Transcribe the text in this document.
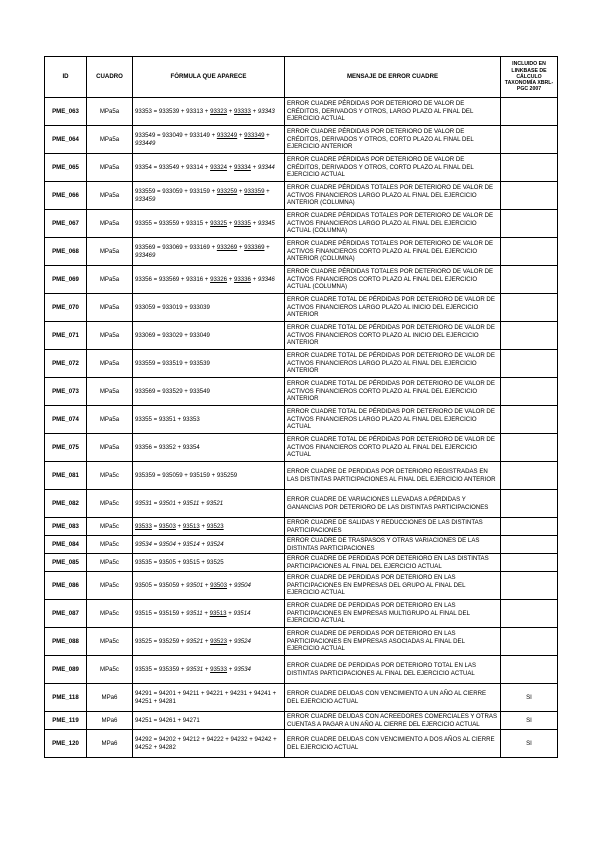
ID	CUADRO	FÓRMULA QUE APARECE	MENSAJE DE ERROR CUADRE	INCLUIDO EN LINKBASE DE CÁLCULO TAXONOMÍA XBRL-PGC 2007
PME_063	MPa5a	93353 = 933539 + 93313 + 93323 + 93333 + 93343	ERROR CUADRE PÉRDIDAS POR DETERIORO DE VALOR DE CRÉDITOS, DERIVADOS Y OTROS, LARGO PLAZO AL FINAL DEL EJERCICIO ACTUAL	
PME_064	MPa5a	933549 = 933049 + 933149 + 933249 + 933349 + 933449	ERROR CUADRE PÉRDIDAS POR DETERIORO DE VALOR DE CRÉDITOS, DERIVADOS Y OTROS, CORTO PLAZO AL FINAL DEL EJERCICIO ANTERIOR	
PME_065	MPa5a	93354 = 933549 + 93314 + 93324 + 93334 + 93344	ERROR CUADRE PÉRDIDAS POR DETERIORO DE VALOR DE CRÉDITOS, DERIVADOS Y OTROS, CORTO PLAZO AL FINAL DEL EJERCICIO ACTUAL	
PME_066	MPa5a	933559 = 933059 + 933159 + 933259 + 933359 + 933459	ERROR CUADRE PÉRDIDAS TOTALES POR DETERIORO DE VALOR DE ACTIVOS FINANCIEROS LARGO PLAZO AL FINAL DEL EJERCICIO ANTERIOR (COLUMNA)	
PME_067	MPa5a	93355 = 933559 + 93315 + 93325 + 93335 + 93345	ERROR CUADRE PÉRDIDAS TOTALES POR DETERIORO DE VALOR DE ACTIVOS FINANCIEROS LARGO PLAZO AL FINAL DEL EJERCICIO ACTUAL (COLUMNA)	
PME_068	MPa5a	933569 = 933069 + 933169 + 933269 + 933369 + 933469	ERROR CUADRE PÉRDIDAS TOTALES POR DETERIORO DE VALOR DE ACTIVOS FINANCIEROS CORTO PLAZO AL FINAL DEL EJERCICIO ANTERIOR (COLUMNA)	
PME_069	MPa5a	93356 = 933569 + 93316 + 93326 + 93336 + 93346	ERROR CUADRE PÉRDIDAS TOTALES POR DETERIORO DE VALOR DE ACTIVOS FINANCIEROS CORTO PLAZO AL FINAL DEL EJERCICIO ACTUAL (COLUMNA)	
PME_070	MPa5a	933059 = 933019 + 933039	ERROR CUADRE TOTAL DE PÉRDIDAS POR DETERIORO DE VALOR DE ACTIVOS FINANCIEROS LARGO PLAZO AL INICIO DEL EJERCICIO ANTERIOR	
PME_071	MPa5a	933069 = 933029 + 933049	ERROR CUADRE TOTAL DE PÉRDIDAS POR DETERIORO DE VALOR DE ACTIVOS FINANCIEROS CORTO PLAZO AL INICIO DEL EJERCICIO ANTERIOR	
PME_072	MPa5a	933559 = 933519 + 933539	ERROR CUADRE TOTAL DE PÉRDIDAS POR DETERIORO DE VALOR DE ACTIVOS FINANCIEROS LARGO PLAZO AL FINAL DEL EJERCICIO ANTERIOR	
PME_073	MPa5a	933569 = 933529 + 933549	ERROR CUADRE TOTAL DE PÉRDIDAS POR DETERIORO DE VALOR DE ACTIVOS FINANCIEROS CORTO PLAZO AL FINAL DEL EJERCICIO ANTERIOR	
PME_074	MPa5a	93355 = 93351 + 93353	ERROR CUADRE TOTAL DE PÉRDIDAS POR DETERIORO DE VALOR DE ACTIVOS FINANCIEROS LARGO PLAZO AL FINAL DEL EJERCICIO ACTUAL	
PME_075	MPa5a	93356 = 93352 + 93354	ERROR CUADRE TOTAL DE PÉRDIDAS POR DETERIORO DE VALOR DE ACTIVOS FINANCIEROS CORTO PLAZO AL FINAL DEL EJERCICIO ACTUAL	
PME_081	MPa5c	935359 = 935059 + 935159 + 935259	ERROR CUADRE DE PERDIDAS POR DETERIORO REGISTRADAS EN LAS DISTINTAS PARTICIPACIONES AL FINAL DEL EJERCICIO ANTERIOR	
PME_082	MPa5c	93531 = 93501 + 93511 + 93521	ERROR CUADRE DE VARIACIONES LLEVADAS A PÉRDIDAS Y GANANCIAS POR DETERIORO DE LAS DISTINTAS PARTICIPACIONES	
PME_083	MPa5c	93533 = 93503 + 93513 + 93523	ERROR CUADRE DE SALIDAS Y REDUCCIONES DE LAS DISTINTAS PARTICIPACIONES	
PME_084	MPa5c	93534 = 93504 + 93514 + 93524	ERROR CUADRE DE TRASPASOS Y OTRAS VARIACIONES DE LAS DISTINTAS PARTICIPACIONES	
PME_085	MPa5c	93535 = 93505 + 93515 + 93525	ERROR CUADRE DE PERDIDAS POR DETERIORO EN LAS DISTINTAS PARTICIPACIONES AL FINAL DEL EJERCICIO ACTUAL	
PME_086	MPa5c	93505 = 935059 + 93501 + 93503 + 93504	ERROR CUADRE DE PERDIDAS POR DETERIORO EN LAS PARTICIPACIONES EN EMPRESAS DEL GRUPO AL FINAL DEL EJERCICIO ACTUAL	
PME_087	MPa5c	93515 = 935159 + 93511 + 93513 + 93514	ERROR CUADRE DE PERDIDAS POR DETERIORO EN LAS PARTICIPACIONES EN EMPRESAS MULTIGRUPO AL FINAL DEL EJERCICIO ACTUAL	
PME_088	MPa5c	93525 = 935259 + 93521 + 93523 + 93524	ERROR CUADRE DE PERDIDAS POR DETERIORO EN LAS PARTICIPACIONES EN EMPRESAS ASOCIADAS AL FINAL DEL EJERCICIO ACTUAL	
PME_089	MPa5c	93535 = 935359 + 93531 + 93533 + 93534	ERROR CUADRE DE PERDIDAS POR DETERIORO TOTAL EN LAS DISTINTAS PARTICIPACIONES AL FINAL DEL EJERCICIO ACTUAL	
PME_118	MPa6	94291 = 94201 + 94211 + 94221 + 94231 + 94241 + 94251 + 94281	ERROR CUADRE DEUDAS CON VENCIMIENTO A UN AÑO AL CIERRE DEL EJERCICIO ACTUAL	SI
PME_119	MPa6	94251 = 94261 + 94271	ERROR CUADRE DEUDAS CON ACREEDORES COMERCIALES Y OTRAS CUENTAS A PAGAR A UN AÑO AL CIERRE DEL EJERCICIO ACTUAL	SI
PME_120	MPa6	94292 = 94202 + 94212 + 94222 + 94232 + 94242 + 94252 + 94282	ERROR CUADRE DEUDAS CON VENCIMIENTO A DOS AÑOS AL CIERRE DEL EJERCICIO ACTUAL	SI
